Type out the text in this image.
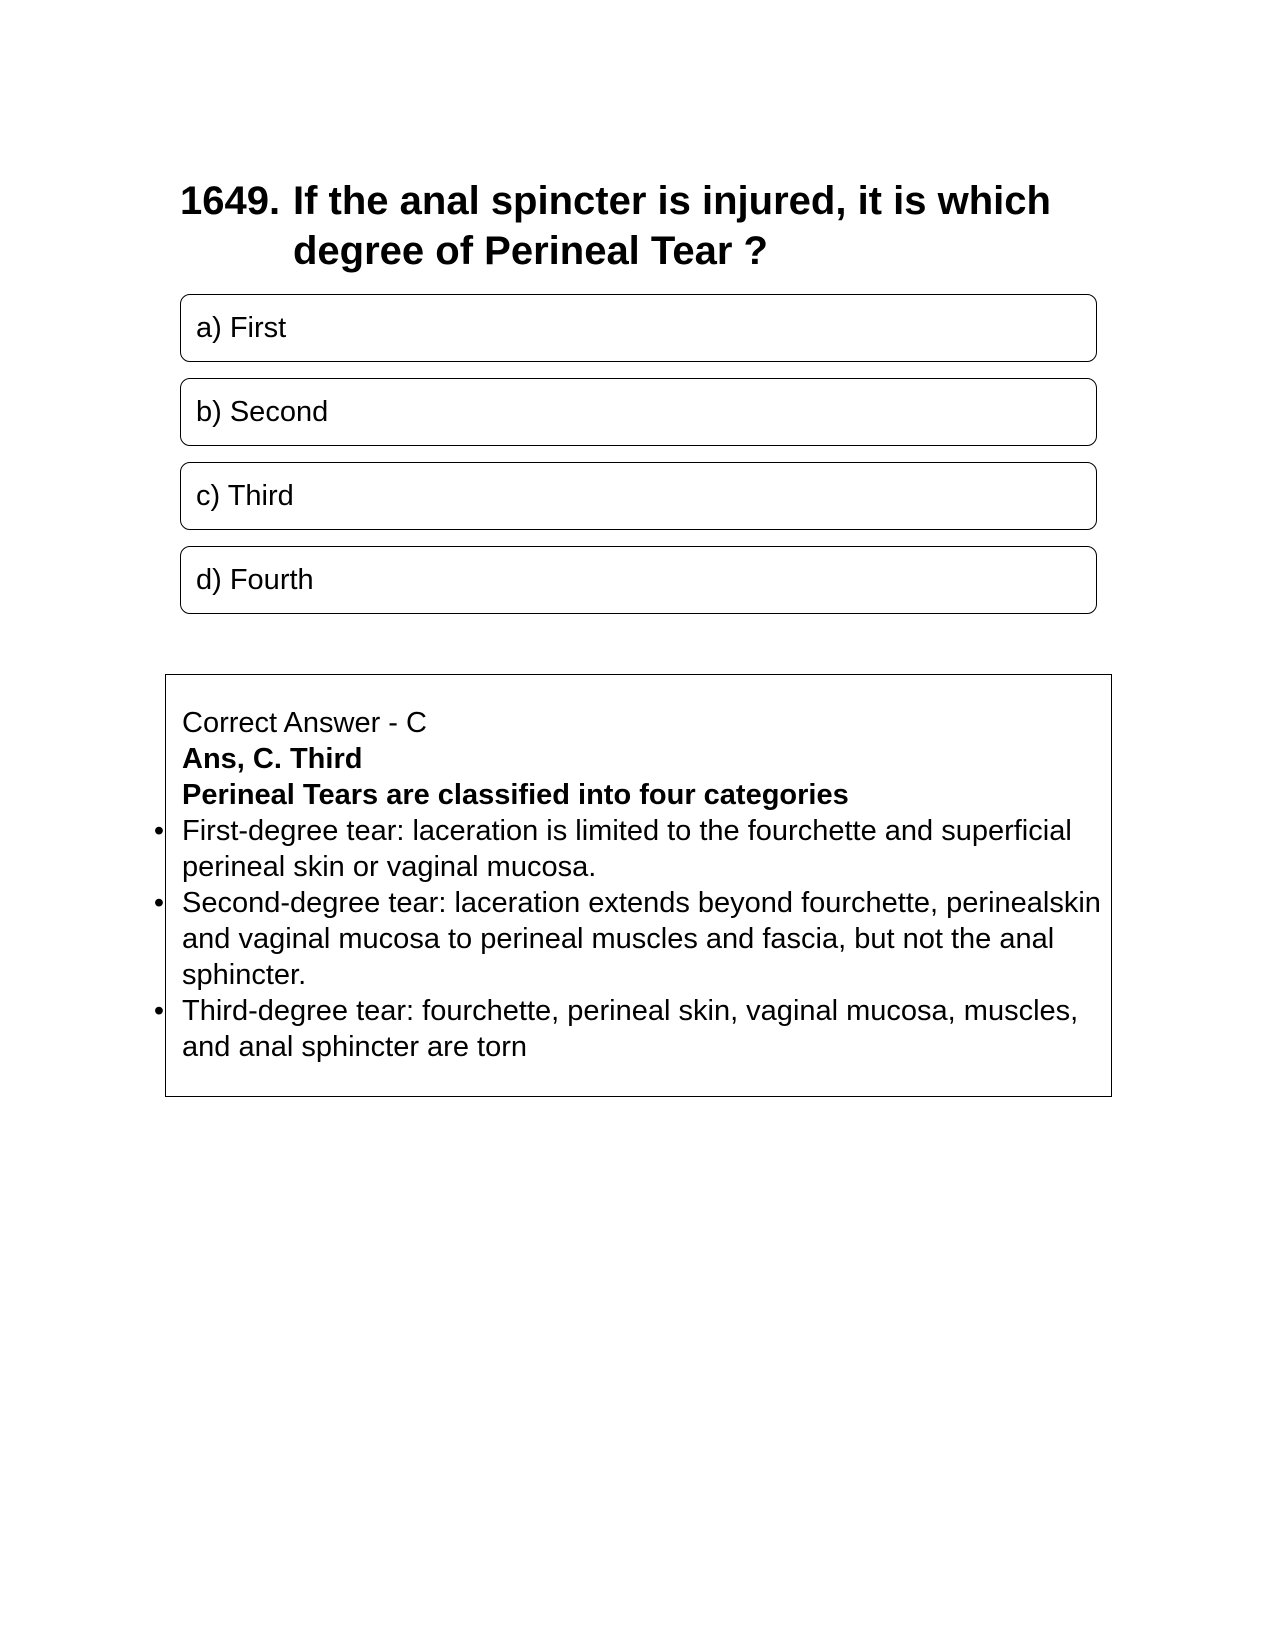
1649. If the anal spincter is injured, it is which degree of Perineal Tear ?
a) First
b) Second
c) Third
d) Fourth
Correct Answer - C
Ans, C. Third
Perineal Tears are classified into four categories
• First-degree tear: laceration is limited to the fourchette and superficial perineal skin or vaginal mucosa.
• Second-degree tear: laceration extends beyond fourchette, perinealskin and vaginal mucosa to perineal muscles and fascia, but not the anal sphincter.
• Third-degree tear: fourchette, perineal skin, vaginal mucosa, muscles, and anal sphincter are torn
